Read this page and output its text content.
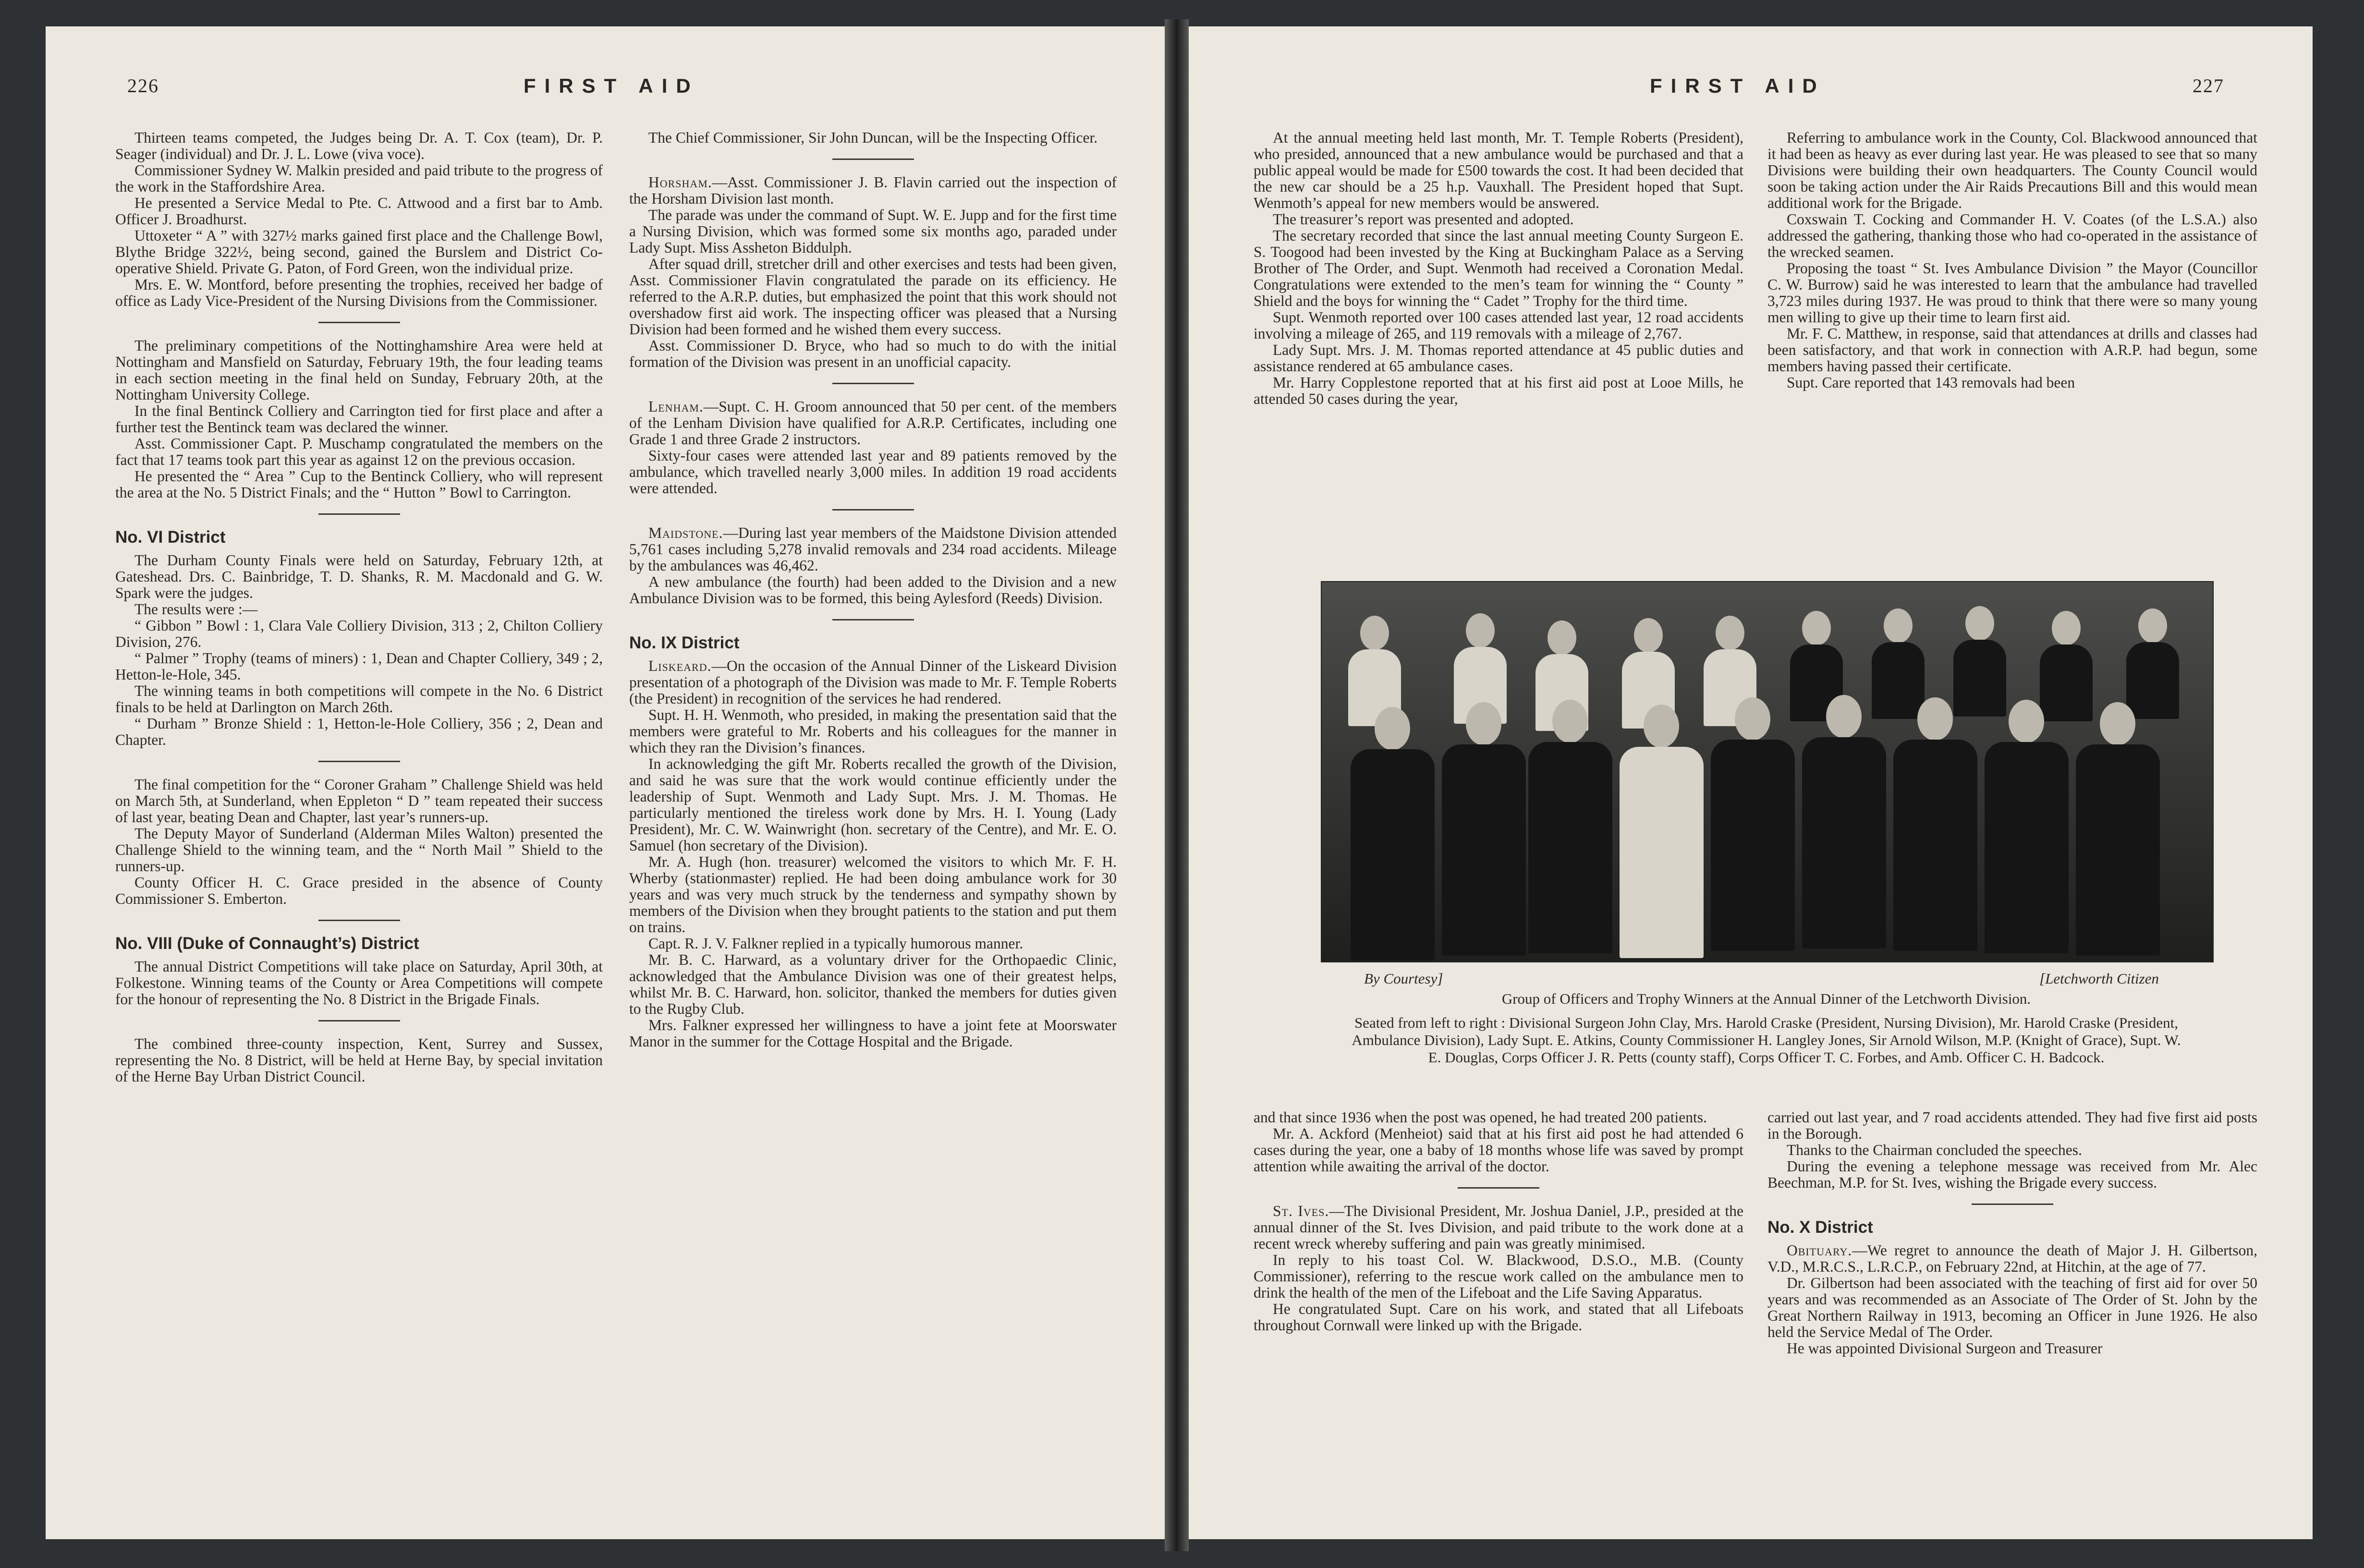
226	FIRST AID

Thirteen teams competed, the Judges being Dr. A. T. Cox (team), Dr. P. Seager (individual) and Dr. J. L. Lowe (viva voce).

Commissioner Sydney W. Malkin presided and paid tribute to the progress of the work in the Staffordshire Area.

He presented a Service Medal to Pte. C. Attwood and a first bar to Amb. Officer J. Broadhurst.

Uttoxeter “ A ” with 327½ marks gained first place and the Challenge Bowl, Blythe Bridge 322½, being second, gained the Burslem and District Co-operative Shield. Private G. Paton, of Ford Green, won the individual prize.

Mrs. E. W. Montford, before presenting the trophies, received her badge of office as Lady Vice-President of the Nursing Divisions from the Commissioner.

The preliminary competitions of the Nottinghamshire Area were held at Nottingham and Mansfield on Saturday, February 19th, the four leading teams in each section meeting in the final held on Sunday, February 20th, at the Nottingham University College.

In the final Bentinck Colliery and Carrington tied for first place and after a further test the Bentinck team was declared the winner.

Asst. Commissioner Capt. P. Muschamp congratulated the members on the fact that 17 teams took part this year as against 12 on the previous occasion.

He presented the “ Area ” Cup to the Bentinck Colliery, who will represent the area at the No. 5 District Finals; and the “ Hutton ” Bowl to Carrington.

No. VI District

The Durham County Finals were held on Saturday, February 12th, at Gateshead. Drs. C. Bainbridge, T. D. Shanks, R. M. Macdonald and G. W. Spark were the judges.

The results were :—

“ Gibbon ” Bowl : 1, Clara Vale Colliery Division, 313 ; 2, Chilton Colliery Division, 276.

“ Palmer ” Trophy (teams of miners) : 1, Dean and Chapter Colliery, 349 ; 2, Hetton-le-Hole, 345.

The winning teams in both competitions will compete in the No. 6 District finals to be held at Darlington on March 26th.

“ Durham ” Bronze Shield : 1, Hetton-le-Hole Colliery, 356 ; 2, Dean and Chapter.

The final competition for the “ Coroner Graham ” Challenge Shield was held on March 5th, at Sunderland, when Eppleton “ D ” team repeated their success of last year, beating Dean and Chapter, last year’s runners-up.

The Deputy Mayor of Sunderland (Alderman Miles Walton) presented the Challenge Shield to the winning team, and the “ North Mail ” Shield to the runners-up.

County Officer H. C. Grace presided in the absence of County Commissioner S. Emberton.

No. VIII (Duke of Connaught’s) District

The annual District Competitions will take place on Saturday, April 30th, at Folkestone. Winning teams of the County or Area Competitions will compete for the honour of representing the No. 8 District in the Brigade Finals.

The combined three-county inspection, Kent, Surrey and Sussex, representing the No. 8 District, will be held at Herne Bay, by special invitation of the Herne Bay Urban District Council.

The Chief Commissioner, Sir John Duncan, will be the Inspecting Officer.

Horsham.—Asst. Commissioner J. B. Flavin carried out the inspection of the Horsham Division last month.

The parade was under the command of Supt. W. E. Jupp and for the first time a Nursing Division, which was formed some six months ago, paraded under Lady Supt. Miss Assheton Biddulph.

After squad drill, stretcher drill and other exercises and tests had been given, Asst. Commissioner Flavin congratulated the parade on its efficiency. He referred to the A.R.P. duties, but emphasized the point that this work should not overshadow first aid work. The inspecting officer was pleased that a Nursing Division had been formed and he wished them every success.

Asst. Commissioner D. Bryce, who had so much to do with the initial formation of the Division was present in an unofficial capacity.

Lenham.—Supt. C. H. Groom announced that 50 per cent. of the members of the Lenham Division have qualified for A.R.P. Certificates, including one Grade 1 and three Grade 2 instructors.

Sixty-four cases were attended last year and 89 patients removed by the ambulance, which travelled nearly 3,000 miles. In addition 19 road accidents were attended.

Maidstone.—During last year members of the Maidstone Division attended 5,761 cases including 5,278 invalid removals and 234 road accidents. Mileage by the ambulances was 46,462.

A new ambulance (the fourth) had been added to the Division and a new Ambulance Division was to be formed, this being Aylesford (Reeds) Division.

No. IX District

Liskeard.—On the occasion of the Annual Dinner of the Liskeard Division presentation of a photograph of the Division was made to Mr. F. Temple Roberts (the President) in recognition of the services he had rendered.

Supt. H. H. Wenmoth, who presided, in making the presentation said that the members were grateful to Mr. Roberts and his colleagues for the manner in which they ran the Division’s finances.

In acknowledging the gift Mr. Roberts recalled the growth of the Division, and said he was sure that the work would continue efficiently under the leadership of Supt. Wenmoth and Lady Supt. Mrs. J. M. Thomas. He particularly mentioned the tireless work done by Mrs. H. I. Young (Lady President), Mr. C. W. Wainwright (hon. secretary of the Centre), and Mr. E. O. Samuel (hon secretary of the Division).

Mr. A. Hugh (hon. treasurer) welcomed the visitors to which Mr. F. H. Wherby (stationmaster) replied. He had been doing ambulance work for 30 years and was very much struck by the tenderness and sympathy shown by members of the Division when they brought patients to the station and put them on trains.

Capt. R. J. V. Falkner replied in a typically humorous manner.

Mr. B. C. Harward, as a voluntary driver for the Orthopaedic Clinic, acknowledged that the Ambulance Division was one of their greatest helps, whilst Mr. B. C. Harward, hon. solicitor, thanked the members for duties given to the Rugby Club.

Mrs. Falkner expressed her willingness to have a joint fete at Moorswater Manor in the summer for the Cottage Hospital and the Brigade.

FIRST AID	227

At the annual meeting held last month, Mr. T. Temple Roberts (President), who presided, announced that a new ambulance would be purchased and that a public appeal would be made for £500 towards the cost. It had been decided that the new car should be a 25 h.p. Vauxhall. The President hoped that Supt. Wenmoth’s appeal for new members would be answered.

The treasurer’s report was presented and adopted.

The secretary recorded that since the last annual meeting County Surgeon E. S. Toogood had been invested by the King at Buckingham Palace as a Serving Brother of The Order, and Supt. Wenmoth had received a Coronation Medal. Congratulations were extended to the men’s team for winning the “ County ” Shield and the boys for winning the “ Cadet ” Trophy for the third time.

Supt. Wenmoth reported over 100 cases attended last year, 12 road accidents involving a mileage of 265, and 119 removals with a mileage of 2,767.

Lady Supt. Mrs. J. M. Thomas reported attendance at 45 public duties and assistance rendered at 65 ambulance cases.

Mr. Harry Copplestone reported that at his first aid post at Looe Mills, he attended 50 cases during the year,

Referring to ambulance work in the County, Col. Blackwood announced that it had been as heavy as ever during last year. He was pleased to see that so many Divisions were building their own headquarters. The County Council would soon be taking action under the Air Raids Precautions Bill and this would mean additional work for the Brigade.

Coxswain T. Cocking and Commander H. V. Coates (of the L.S.A.) also addressed the gathering, thanking those who had co-operated in the assistance of the wrecked seamen.

Proposing the toast “ St. Ives Ambulance Division ” the Mayor (Councillor C. W. Burrow) said he was interested to learn that the ambulance had travelled 3,723 miles during 1937. He was proud to think that there were so many young men willing to give up their time to learn first aid.

Mr. F. C. Matthew, in response, said that attendances at drills and classes had been satisfactory, and that work in connection with A.R.P. had begun, some members having passed their certificate.

Supt. Care reported that 143 removals had been

By Courtesy]	[Letchworth Citizen
Group of Officers and Trophy Winners at the Annual Dinner of the Letchworth Division.
Seated from left to right : Divisional Surgeon John Clay, Mrs. Harold Craske (President, Nursing Division), Mr. Harold Craske (President, Ambulance Division), Lady Supt. E. Atkins, County Commissioner H. Langley Jones, Sir Arnold Wilson, M.P. (Knight of Grace), Supt. W. E. Douglas, Corps Officer J. R. Petts (county staff), Corps Officer T. C. Forbes, and Amb. Officer C. H. Badcock.

and that since 1936 when the post was opened, he had treated 200 patients.

Mr. A. Ackford (Menheiot) said that at his first aid post he had attended 6 cases during the year, one a baby of 18 months whose life was saved by prompt attention while awaiting the arrival of the doctor.

St. Ives.—The Divisional President, Mr. Joshua Daniel, J.P., presided at the annual dinner of the St. Ives Division, and paid tribute to the work done at a recent wreck whereby suffering and pain was greatly minimised.

In reply to his toast Col. W. Blackwood, D.S.O., M.B. (County Commissioner), referring to the rescue work called on the ambulance men to drink the health of the men of the Lifeboat and the Life Saving Apparatus.

He congratulated Supt. Care on his work, and stated that all Lifeboats throughout Cornwall were linked up with the Brigade.

carried out last year, and 7 road accidents attended. They had five first aid posts in the Borough.

Thanks to the Chairman concluded the speeches.

During the evening a telephone message was received from Mr. Alec Beechman, M.P. for St. Ives, wishing the Brigade every success.

No. X District

Obituary.—We regret to announce the death of Major J. H. Gilbertson, V.D., M.R.C.S., L.R.C.P., on February 22nd, at Hitchin, at the age of 77.

Dr. Gilbertson had been associated with the teaching of first aid for over 50 years and was recommended as an Associate of The Order of St. John by the Great Northern Railway in 1913, becoming an Officer in June 1926. He also held the Service Medal of The Order.

He was appointed Divisional Surgeon and Treasurer
